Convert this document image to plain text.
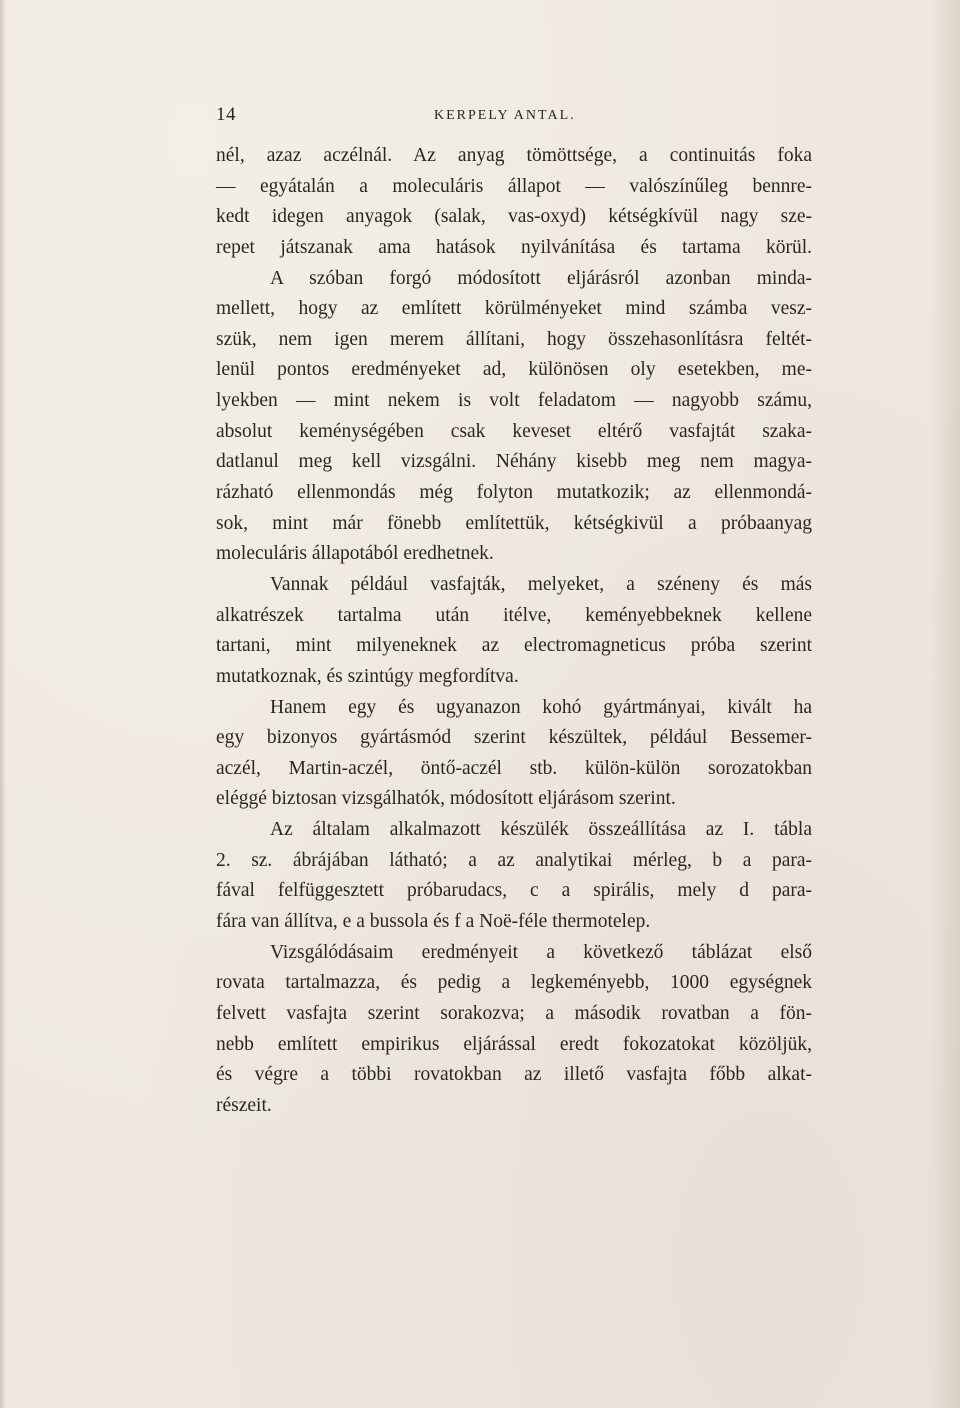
14	KERPELY ANTAL.
nél, azaz aczélnál. Az anyag tömöttsége, a continuitás foka
— egyátalán a moleculáris állapot — valószínűleg bennre-
kedt idegen anyagok (salak, vas-oxyd) kétségkívül nagy sze-
repet játszanak ama hatások nyilvánítása és tartama körül.
A szóban forgó módosított eljárásról azonban minda-
mellett, hogy az említett körülményeket mind számba vesz-
szük, nem igen merem állítani, hogy összehasonlításra feltét-
lenül pontos eredményeket ad, különösen oly esetekben, me-
lyekben — mint nekem is volt feladatom — nagyobb számu,
absolut keménységében csak keveset eltérő vasfajtát szaka-
datlanul meg kell vizsgálni. Néhány kisebb meg nem magya-
rázható ellenmondás még folyton mutatkozik; az ellenmondá-
sok, mint már fönebb említettük, kétségkivül a próbaanyag
moleculáris állapotából eredhetnek.
Vannak például vasfajták, melyeket, a széneny és más
alkatrészek tartalma után itélve, keményebbeknek kellene
tartani, mint milyeneknek az electromagneticus próba szerint
mutatkoznak, és szintúgy megfordítva.
Hanem egy és ugyanazon kohó gyártmányai, kivált ha
egy bizonyos gyártásmód szerint készültek, például Bessemer-
aczél, Martin-aczél, öntő-aczél stb. külön-külön sorozatokban
eléggé biztosan vizsgálhatók, módosított eljárásom szerint.
Az általam alkalmazott készülék összeállítása az I. tábla
2. sz. ábrájában látható; a az analytikai mérleg, b a para-
fával felfüggesztett próbarudacs, c a spirális, mely d para-
fára van állítva, e a bussola és f a Noë-féle thermotelep.
Vizsgálódásaim eredményeit a következő táblázat első
rovata tartalmazza, és pedig a legkeményebb, 1000 egységnek
felvett vasfajta szerint sorakozva; a második rovatban a fön-
nebb említett empirikus eljárással eredt fokozatokat közöljük,
és végre a többi rovatokban az illető vasfajta főbb alkat-
részeit.
